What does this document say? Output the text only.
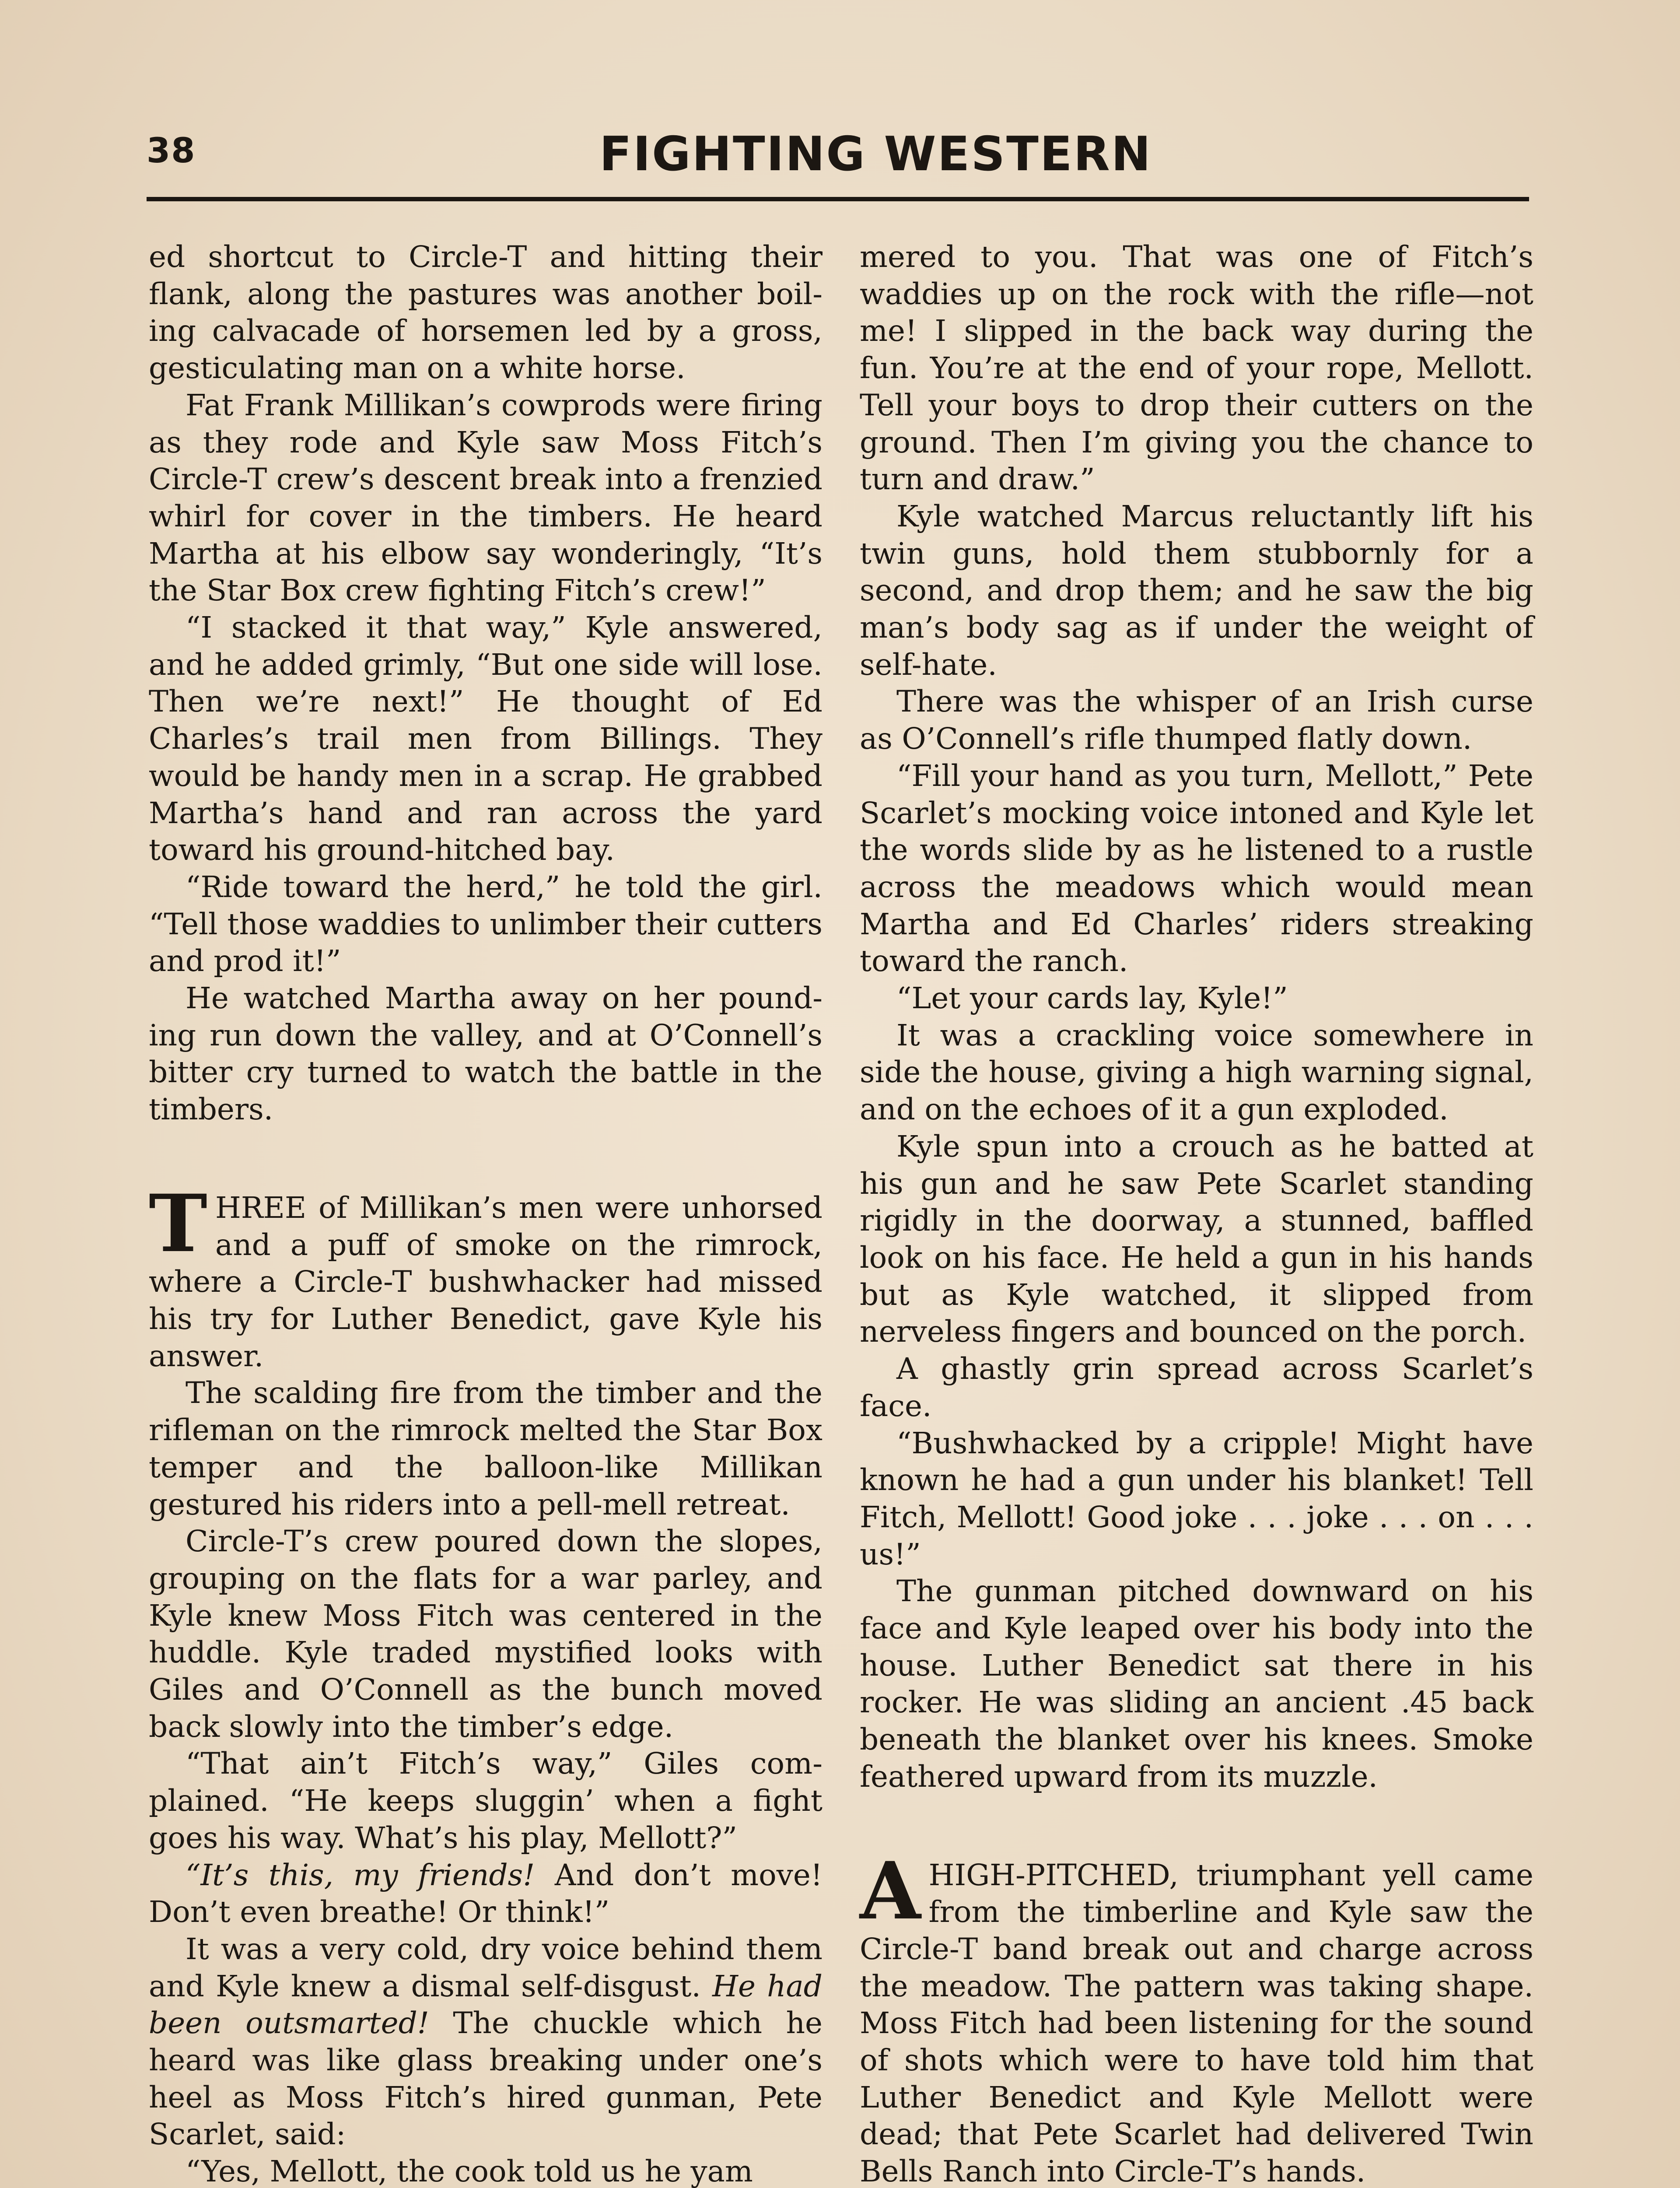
38	FIGHTING WESTERN

ed shortcut to Circle-T and hitting their flank, along the pastures was another boiling calvacade of horsemen led by a gross, gesticulating man on a white horse.

Fat Frank Millikan’s cowprods were firing as they rode and Kyle saw Moss Fitch’s Circle-T crew’s descent break into a frenzied whirl for cover in the timbers. He heard Martha at his elbow say wonderingly, “It’s the Star Box crew fighting Fitch’s crew!”

“I stacked it that way,” Kyle answered, and he added grimly, “But one side will lose. Then we’re next!” He thought of Ed Charles’s trail men from Billings. They would be handy men in a scrap. He grabbed Martha’s hand and ran across the yard toward his ground-hitched bay.

“Ride toward the herd,” he told the girl. “Tell those waddies to unlimber their cutters and prod it!”

He watched Martha away on her pounding run down the valley, and at O’Connell’s bitter cry turned to watch the battle in the timbers.

THREE of Millikan’s men were unhorsed and a puff of smoke on the rimrock, where a Circle-T bushwhacker had missed his try for Luther Benedict, gave Kyle his answer.

The scalding fire from the timber and the rifleman on the rimrock melted the Star Box temper and the balloon-like Millikan gestured his riders into a pell-mell retreat.

Circle-T’s crew poured down the slopes, grouping on the flats for a war parley, and Kyle knew Moss Fitch was centered in the huddle. Kyle traded mystified looks with Giles and O’Connell as the bunch moved back slowly into the timber’s edge.

“That ain’t Fitch’s way,” Giles complained. “He keeps sluggin’ when a fight goes his way. What’s his play, Mellott?”

“It’s this, my friends! And don’t move! Don’t even breathe! Or think!”

It was a very cold, dry voice behind them and Kyle knew a dismal self-disgust. He had been outsmarted! The chuckle which he heard was like glass breaking under one’s heel as Moss Fitch’s hired gunman, Pete Scarlet, said:

“Yes, Mellott, the cook told us he yam

mered to you. That was one of Fitch’s waddies up on the rock with the rifle—not me! I slipped in the back way during the fun. You’re at the end of your rope, Mellott. Tell your boys to drop their cutters on the ground. Then I’m giving you the chance to turn and draw.”

Kyle watched Marcus reluctantly lift his twin guns, hold them stubbornly for a second, and drop them; and he saw the big man’s body sag as if under the weight of self-hate.

There was the whisper of an Irish curse as O’Connell’s rifle thumped flatly down.

“Fill your hand as you turn, Mellott,” Pete Scarlet’s mocking voice intoned and Kyle let the words slide by as he listened to a rustle across the meadows which would mean Martha and Ed Charles’ riders streaking toward the ranch.

“Let your cards lay, Kyle!”

It was a crackling voice somewhere in side the house, giving a high warning signal, and on the echoes of it a gun exploded.

Kyle spun into a crouch as he batted at his gun and he saw Pete Scarlet standing rigidly in the doorway, a stunned, baffled look on his face. He held a gun in his hands but as Kyle watched, it slipped from nerveless fingers and bounced on the porch.

A ghastly grin spread across Scarlet’s face.

“Bushwhacked by a cripple! Might have known he had a gun under his blanket! Tell Fitch, Mellott! Good joke . . . joke . . . on . . . us!”

The gunman pitched downward on his face and Kyle leaped over his body into the house. Luther Benedict sat there in his rocker. He was sliding an ancient .45 back beneath the blanket over his knees. Smoke feathered upward from its muzzle.

A HIGH-PITCHED, triumphant yell came from the timberline and Kyle saw the Circle-T band break out and charge across the meadow. The pattern was taking shape. Moss Fitch had been listening for the sound of shots which were to have told him that Luther Benedict and Kyle Mellott were dead; that Pete Scarlet had delivered Twin Bells Ranch into Circle-T’s hands.
